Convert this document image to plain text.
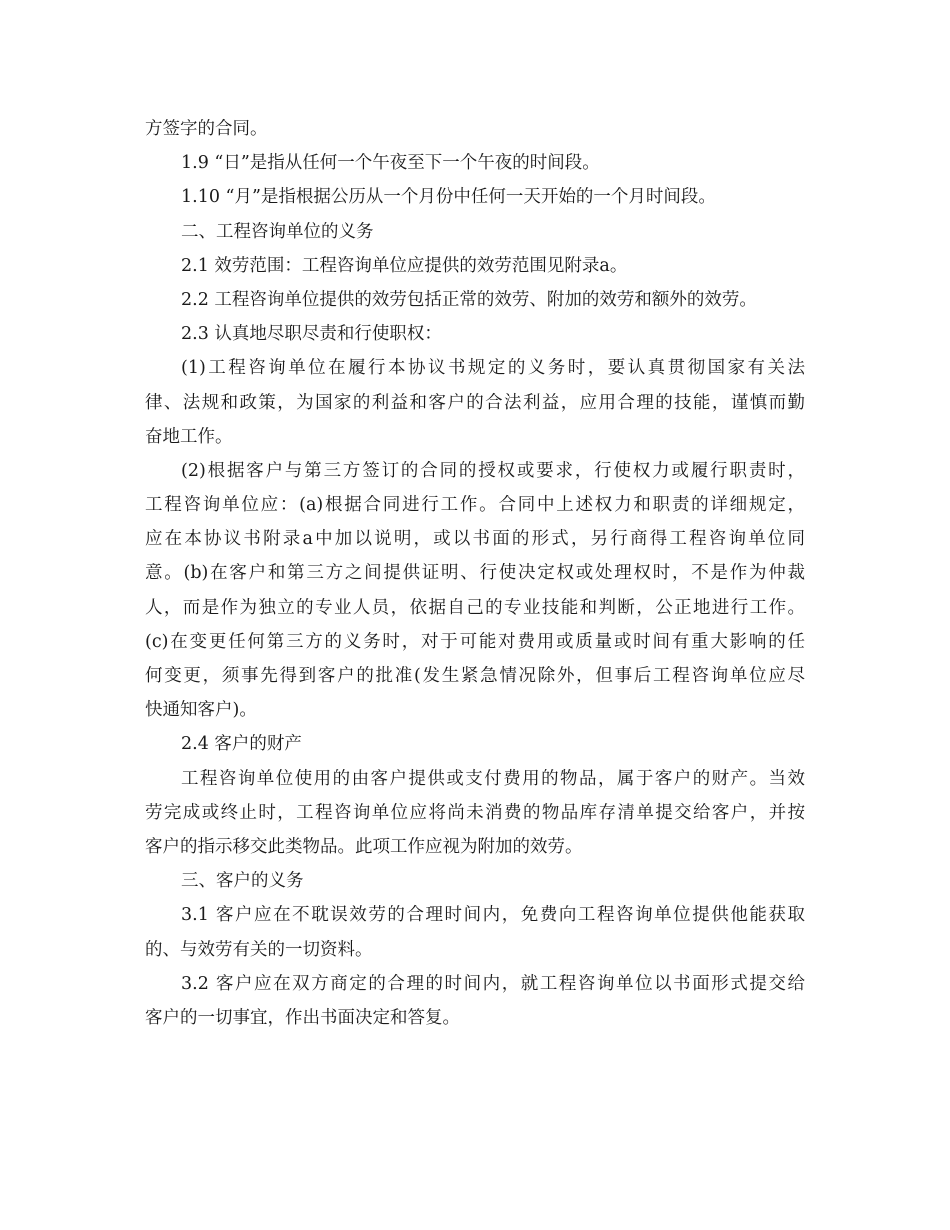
方签字的合同。

1.9 “日”是指从任何一个午夜至下一个午夜的时间段。

1.10 “月”是指根据公历从一个月份中任何一天开始的一个月时间段。

二、工程咨询单位的义务

2.1 效劳范围：工程咨询单位应提供的效劳范围见附录a。

2.2 工程咨询单位提供的效劳包括正常的效劳、附加的效劳和额外的效劳。

2.3 认真地尽职尽责和行使职权：

(1)工程咨询单位在履行本协议书规定的义务时，要认真贯彻国家有关法

律、法规和政策，为国家的利益和客户的合法利益，应用合理的技能，谨慎而勤

奋地工作。

(2)根据客户与第三方签订的合同的授权或要求，行使权力或履行职责时，

工程咨询单位应：(a)根据合同进行工作。合同中上述权力和职责的详细规定，

应在本协议书附录a中加以说明，或以书面的形式，另行商得工程咨询单位同

意。(b)在客户和第三方之间提供证明、行使决定权或处理权时，不是作为仲裁

人，而是作为独立的专业人员，依据自己的专业技能和判断，公正地进行工作。

(c)在变更任何第三方的义务时，对于可能对费用或质量或时间有重大影响的任

何变更，须事先得到客户的批准(发生紧急情况除外，但事后工程咨询单位应尽

快通知客户)。

2.4 客户的财产

工程咨询单位使用的由客户提供或支付费用的物品，属于客户的财产。当效

劳完成或终止时，工程咨询单位应将尚未消费的物品库存清单提交给客户，并按

客户的指示移交此类物品。此项工作应视为附加的效劳。

三、客户的义务

3.1 客户应在不耽误效劳的合理时间内，免费向工程咨询单位提供他能获取

的、与效劳有关的一切资料。

3.2 客户应在双方商定的合理的时间内，就工程咨询单位以书面形式提交给

客户的一切事宜，作出书面决定和答复。
